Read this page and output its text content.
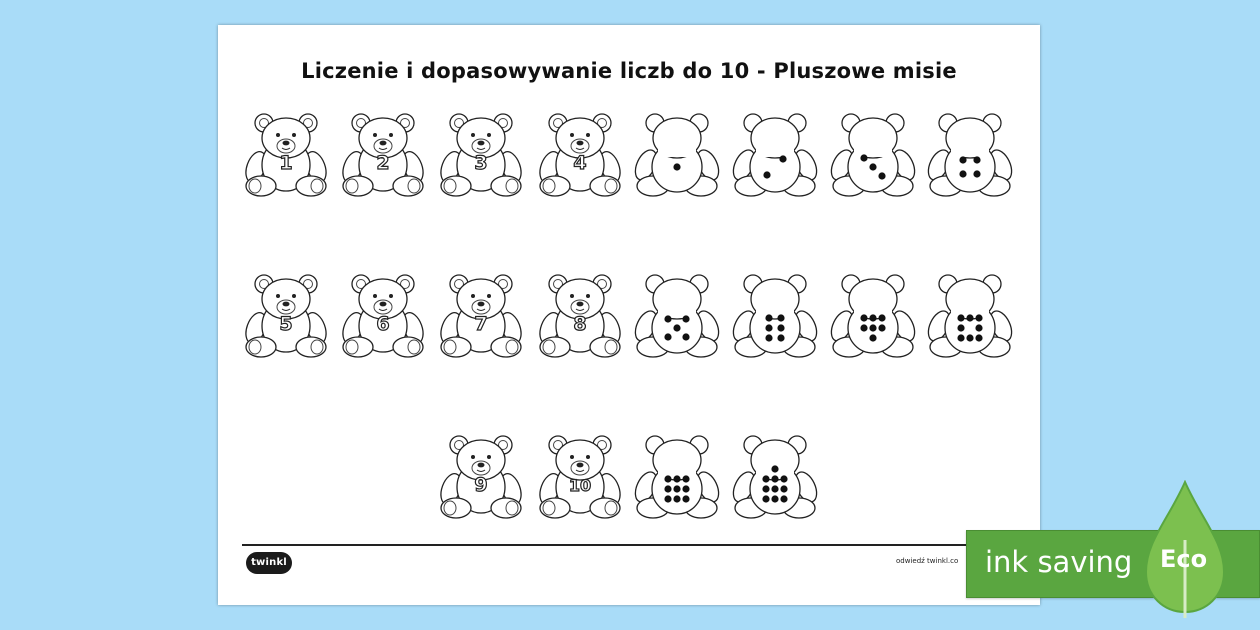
Liczenie i dopasowywanie liczb do 10 - Pluszowe misie
1	2	3	4
5	6	7	8
9	10
twinkl	odwiedź twinkl.co ink saving Eco
